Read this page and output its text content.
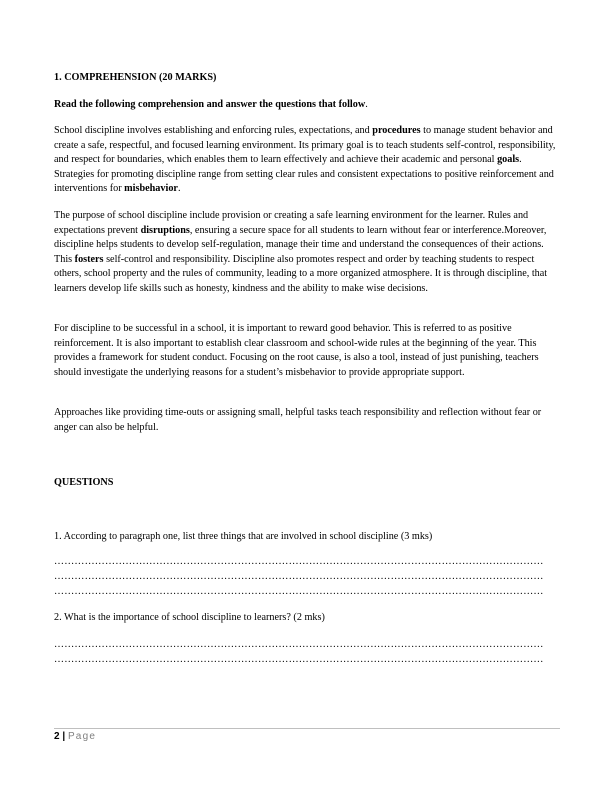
1. COMPREHENSION (20 MARKS)
Read the following comprehension and answer the questions that follow.

School discipline involves establishing and enforcing rules, expectations, and procedures to manage student behavior and create a safe, respectful, and focused learning environment. Its primary goal is to teach students self-control, responsibility, and respect for boundaries, which enables them to learn effectively and achieve their academic and personal goals. Strategies for promoting discipline range from setting clear rules and consistent expectations to positive reinforcement and interventions for misbehavior.

The purpose of school discipline include provision or creating a safe learning environment for the learner. Rules and expectations prevent disruptions, ensuring a secure space for all students to learn without fear or interference.Moreover, discipline helps students to develop self-regulation, manage their time and understand the consequences of their actions. This fosters self-control and responsibility. Discipline also promotes respect and order by teaching students to respect others, school property and the rules of community, leading to a more organized atmosphere. It is through discipline, that learners develop life skills such as honesty, kindness and the ability to make wise decisions.

For discipline to be successful in a school, it is important to reward good behavior. This is referred to as positive reinforcement. It is also important to establish clear classroom and school-wide rules at the beginning of the year. This provides a framework for student conduct. Focusing on the root cause, is also a tool, instead of just punishing, teachers should investigate the underlying reasons for a student’s misbehavior to provide appropriate support.

Approaches like providing time-outs or assigning small, helpful tasks teach responsibility and reflection without fear or anger can also be helpful.

QUESTIONS
1. According to paragraph one, list three things that are involved in school discipline (3 mks)
………………………………………………………………………………………………………………………………
………………………………………………………………………………………………………………………………
………………………………………………………………………………………………………………………………
2. What is the importance of school discipline to learners? (2 mks)
………………………………………………………………………………………………………………………………
………………………………………………………………………………………………………………………………
2 | Page
